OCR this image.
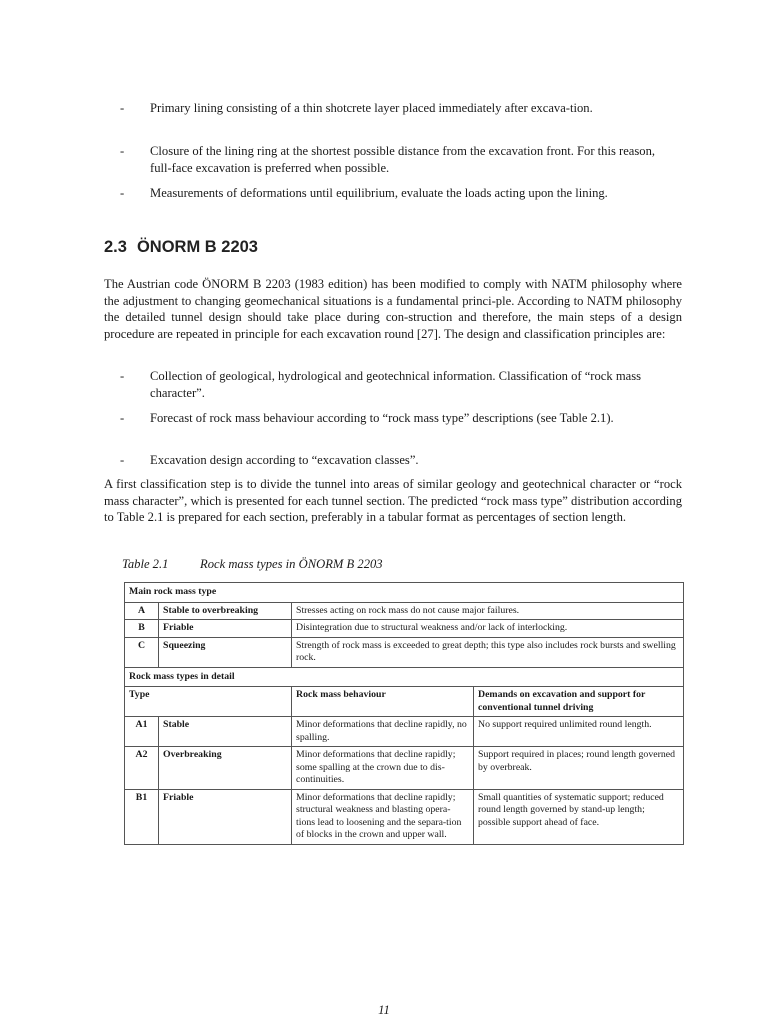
- Primary lining consisting of a thin shotcrete layer placed immediately after excava-tion.
- Closure of the lining ring at the shortest possible distance from the excavation front. For this reason, full-face excavation is preferred when possible.
- Measurements of deformations until equilibrium, evaluate the loads acting upon the lining.
2.3 ÖNORM B 2203
The Austrian code ÖNORM B 2203 (1983 edition) has been modified to comply with NATM philosophy where the adjustment to changing geomechanical situations is a fundamental princi-ple. According to NATM philosophy the detailed tunnel design should take place during con-struction and therefore, the main steps of a design procedure are repeated in principle for each excavation round [27]. The design and classification principles are:
- Collection of geological, hydrological and geotechnical information. Classification of “rock mass character”.
- Forecast of rock mass behaviour according to “rock mass type” descriptions (see Table 2.1).
- Excavation design according to “excavation classes”.
A first classification step is to divide the tunnel into areas of similar geology and geotechnical character or “rock mass character”, which is presented for each tunnel section. The predicted “rock mass type” distribution according to Table 2.1 is prepared for each section, preferably in a tabular format as percentages of section length.
Table 2.1	Rock mass types in ÖNORM B 2203
Main rock mass type			
A	Stable to overbreaking	Stresses acting on rock mass do not cause major failures.	
B	Friable	Disintegration due to structural weakness and/or lack of interlocking.	
C	Squeezing	Strength of rock mass is exceeded to great depth; this type also includes rock bursts and swelling rock.	
Rock mass types in detail			
Type		Rock mass behaviour	Demands on excavation and support for conventional tunnel driving
A1	Stable	Minor deformations that decline rapidly, no spalling.	No support required unlimited round length.
A2	Overbreaking	Minor deformations that decline rapidly; some spalling at the crown due to dis-continuities.	Support required in places; round length governed by overbreak.
B1	Friable	Minor deformations that decline rapidly; structural weakness and blasting opera-tions lead to loosening and the separa-tion of blocks in the crown and upper wall.	Small quantities of systematic support; reduced round length governed by stand-up length; possible support ahead of face.
11
